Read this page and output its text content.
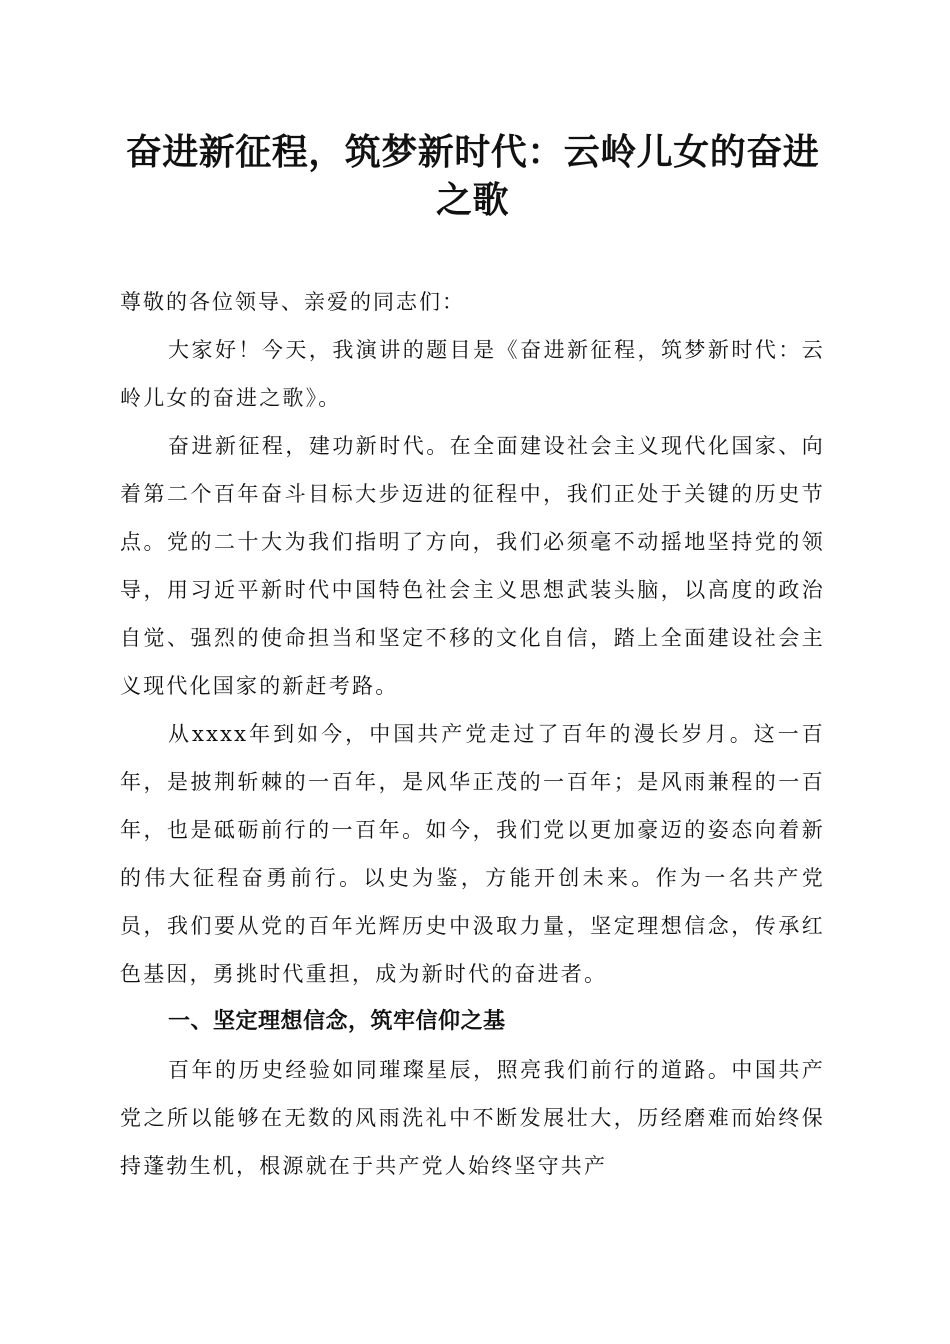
奋进新征程，筑梦新时代：云岭儿女的奋进之歌

尊敬的各位领导、亲爱的同志们：

大家好！今天，我演讲的题目是《奋进新征程，筑梦新时代：云岭儿女的奋进之歌》。

奋进新征程，建功新时代。在全面建设社会主义现代化国家、向着第二个百年奋斗目标大步迈进的征程中，我们正处于关键的历史节点。党的二十大为我们指明了方向，我们必须毫不动摇地坚持党的领导，用习近平新时代中国特色社会主义思想武装头脑，以高度的政治自觉、强烈的使命担当和坚定不移的文化自信，踏上全面建设社会主义现代化国家的新赶考路。

从xxxx年到如今，中国共产党走过了百年的漫长岁月。这一百年，是披荆斩棘的一百年，是风华正茂的一百年；是风雨兼程的一百年，也是砥砺前行的一百年。如今，我们党以更加豪迈的姿态向着新的伟大征程奋勇前行。以史为鉴，方能开创未来。作为一名共产党员，我们要从党的百年光辉历史中汲取力量，坚定理想信念，传承红色基因，勇挑时代重担，成为新时代的奋进者。

一、坚定理想信念，筑牢信仰之基

百年的历史经验如同璀璨星辰，照亮我们前行的道路。中国共产党之所以能够在无数的风雨洗礼中不断发展壮大，历经磨难而始终保持蓬勃生机，根源就在于共产党人始终坚守共产
